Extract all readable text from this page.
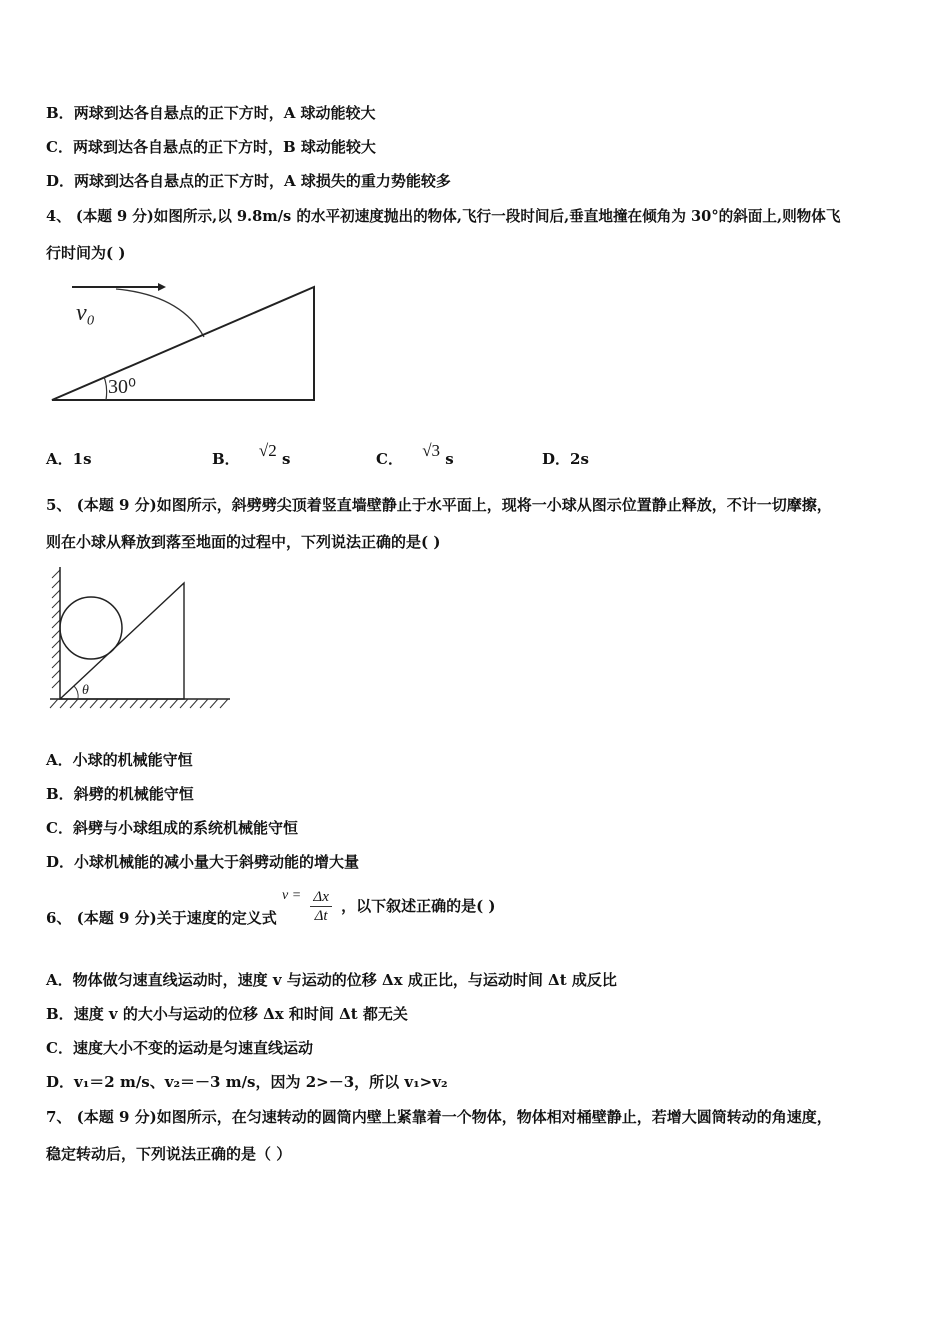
B．两球到达各自悬点的正下方时，A 球动能较大
C．两球到达各自悬点的正下方时，B 球动能较大
D．两球到达各自悬点的正下方时，A 球损失的重力势能较多
4、 (本题 9 分)如图所示,以 9.8m/s 的水平初速度抛出的物体,飞行一段时间后,垂直地撞在倾角为 30°的斜面上,则物体飞
行时间为( )
v₀
30⁰
A．1s	B． √2 s	C． √3 s	D．2s
5、 (本题 9 分)如图所示，斜劈劈尖顶着竖直墙壁静止于水平面上，现将一小球从图示位置静止释放，不计一切摩擦，
则在小球从释放到落至地面的过程中，下列说法正确的是( )
θ
A．小球的机械能守恒
B．斜劈的机械能守恒
C．斜劈与小球组成的系统机械能守恒
D．小球机械能的减小量大于斜劈动能的增大量
6、 (本题 9 分)关于速度的定义式 $v = \frac{\Delta x}{\Delta t}$ ，以下叙述正确的是( )
A．物体做匀速直线运动时，速度 v 与运动的位移 Δx 成正比，与运动时间 Δt 成反比
B．速度 v 的大小与运动的位移 Δx 和时间 Δt 都无关
C．速度大小不变的运动是匀速直线运动
D．v₁＝2 m/s、v₂＝－3 m/s，因为 2>－3，所以 v₁>v₂
7、 (本题 9 分)如图所示，在匀速转动的圆筒内壁上紧靠着一个物体，物体相对桶壁静止，若增大圆筒转动的角速度，
稳定转动后，下列说法正确的是（ ）
